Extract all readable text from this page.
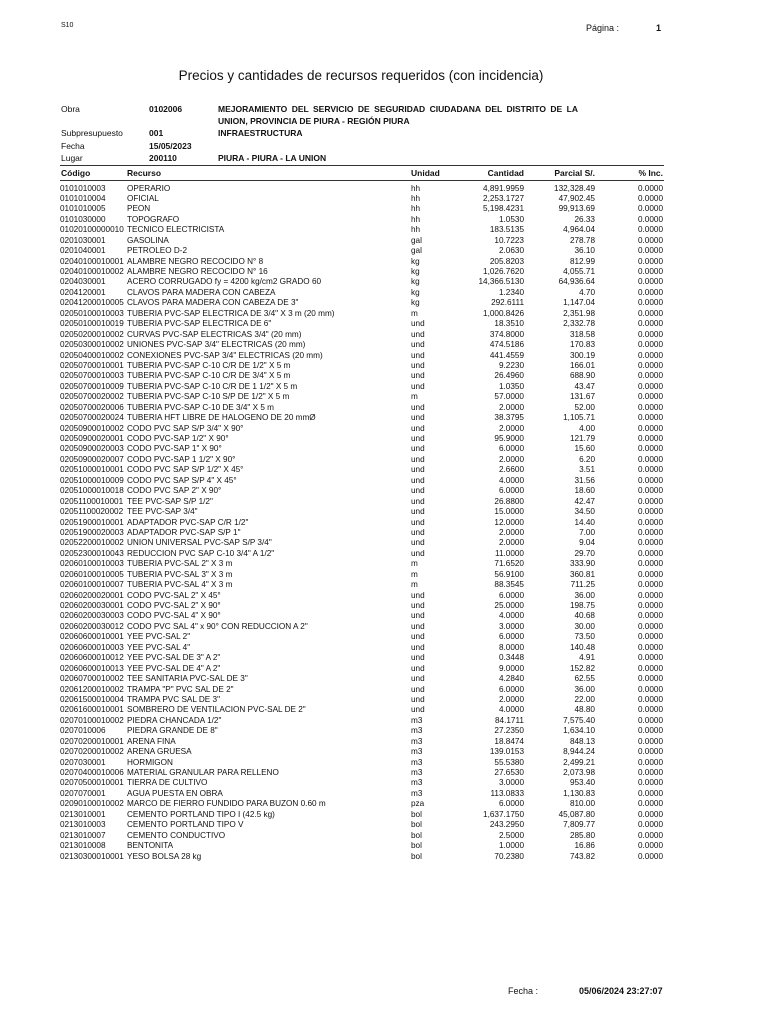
S10	Página :	1
Precios y cantidades de recursos requeridos (con incidencia)
Obra	0102006	MEJORAMIENTO DEL SERVICIO DE SEGURIDAD CIUDADANA DEL DISTRITO DE LA UNION, PROVINCIA DE PIURA - REGIÓN PIURA
Subpresupuesto	001	INFRAESTRUCTURA
Fecha	15/05/2023
Lugar	200110	PIURA - PIURA - LA UNION
Código	Recurso	Unidad	Cantidad	Parcial S/.	% Inc.
0101010003	OPERARIO	hh	4,891.9959	132,328.49	0.0000
0101010004	OFICIAL	hh	2,253.1727	47,902.45	0.0000
0101010005	PEON	hh	5,198.4231	99,913.69	0.0000
0101030000	TOPOGRAFO	hh	1.0530	26.33	0.0000
01020100000010 TECNICO ELECTRICISTA	hh	183.5135	4,964.04	0.0000
0201030001	GASOLINA	gal	10.7223	278.78	0.0000
0201040001	PETROLEO D-2	gal	2.0630	36.10	0.0000
02040100010001 ALAMBRE NEGRO RECOCIDO N° 8	kg	205.8203	812.99	0.0000
02040100010002 ALAMBRE NEGRO RECOCIDO N° 16	kg	1,026.7620	4,055.71	0.0000
0204030001	ACERO CORRUGADO fy = 4200 kg/cm2 GRADO 60	kg	14,366.5130	64,936.64	0.0000
0204120001	CLAVOS PARA MADERA CON CABEZA	kg	1.2340	4.70	0.0000
02041200010005 CLAVOS PARA MADERA CON CABEZA DE 3"	kg	292.6111	1,147.04	0.0000
02050100010003 TUBERIA PVC-SAP ELECTRICA DE 3/4" X 3 m (20 mm)	m	1,000.8426	2,351.98	0.0000
02050100010019 TUBERIA PVC-SAP ELECTRICA DE 6"	und	18.3510	2,332.78	0.0000
02050200010002 CURVAS PVC-SAP ELECTRICAS 3/4" (20 mm)	und	374.8000	318.58	0.0000
02050300010002 UNIONES PVC-SAP 3/4" ELECTRICAS (20 mm)	und	474.5186	170.83	0.0000
02050400010002 CONEXIONES PVC-SAP 3/4" ELECTRICAS (20 mm)	und	441.4559	300.19	0.0000
02050700010001 TUBERIA PVC-SAP C-10 C/R DE 1/2" X 5 m	und	9.2230	166.01	0.0000
02050700010003 TUBERIA PVC-SAP C-10 C/R DE 3/4" X 5 m	und	26.4960	688.90	0.0000
02050700010009 TUBERIA PVC-SAP C-10 C/R DE 1 1/2" X 5 m	und	1.0350	43.47	0.0000
02050700020002 TUBERIA PVC-SAP C-10 S/P DE 1/2" X 5 m	m	57.0000	131.67	0.0000
02050700020006 TUBERIA PVC-SAP C-10 DE 3/4" X 5 m	und	2.0000	52.00	0.0000
02050700020024 TUBERIA HFT LIBRE DE HALOGENO DE 20 mmØ	und	38.3795	1,105.71	0.0000
02050900010002 CODO PVC SAP S/P 3/4" X 90°	und	2.0000	4.00	0.0000
02050900020001 CODO PVC-SAP 1/2" X 90°	und	95.9000	121.79	0.0000
02050900020003 CODO PVC-SAP 1" X 90°	und	6.0000	15.60	0.0000
02050900020007 CODO PVC-SAP 1 1/2" X 90°	und	2.0000	6.20	0.0000
02051000010001 CODO PVC SAP S/P 1/2" X 45°	und	2.6600	3.51	0.0000
02051000010009 CODO PVC SAP S/P 4" X 45°	und	4.0000	31.56	0.0000
02051000010018 CODO PVC SAP 2" X 90°	und	6.0000	18.60	0.0000
02051100010001 TEE PVC-SAP S/P 1/2"	und	26.8800	42.47	0.0000
02051100020002 TEE PVC-SAP 3/4"	und	15.0000	34.50	0.0000
02051900010001 ADAPTADOR PVC-SAP C/R 1/2"	und	12.0000	14.40	0.0000
02051900020003 ADAPTADOR PVC-SAP S/P 1"	und	2.0000	7.00	0.0000
02052200010002 UNION UNIVERSAL PVC-SAP S/P 3/4"	und	2.0000	9.04	0.0000
02052300010043 REDUCCION PVC SAP C-10 3/4" A 1/2"	und	11.0000	29.70	0.0000
02060100010003 TUBERIA PVC-SAL 2" X 3 m	m	71.6520	333.90	0.0000
02060100010005 TUBERIA PVC-SAL 3" X 3 m	m	56.9100	360.81	0.0000
02060100010007 TUBERIA PVC-SAL 4" X 3 m	m	88.3545	711.25	0.0000
02060200020001 CODO PVC-SAL 2" X 45°	und	6.0000	36.00	0.0000
02060200030001 CODO PVC-SAL 2" X 90°	und	25.0000	198.75	0.0000
02060200030003 CODO PVC-SAL 4" X 90°	und	4.0000	40.68	0.0000
02060200030012 CODO PVC SAL 4" x 90° CON REDUCCION A 2"	und	3.0000	30.00	0.0000
02060600010001 YEE PVC-SAL 2"	und	6.0000	73.50	0.0000
02060600010003 YEE PVC-SAL 4"	und	8.0000	140.48	0.0000
02060600010012 YEE PVC-SAL DE 3" A 2"	und	0.3448	4.91	0.0000
02060600010013 YEE PVC-SAL DE 4" A 2"	und	9.0000	152.82	0.0000
02060700010002 TEE SANITARIA PVC-SAL DE 3"	und	4.2840	62.55	0.0000
02061200010002 TRAMPA "P" PVC SAL DE 2"	und	6.0000	36.00	0.0000
02061500010004 TRAMPA PVC SAL DE 3"	und	2.0000	22.00	0.0000
02061600010001 SOMBRERO DE VENTILACION PVC-SAL DE 2"	und	4.0000	48.80	0.0000
02070100010002 PIEDRA CHANCADA 1/2"	m3	84.1711	7,575.40	0.0000
0207010006	PIEDRA GRANDE DE 8"	m3	27.2350	1,634.10	0.0000
02070200010001 ARENA FINA	m3	18.8474	848.13	0.0000
02070200010002 ARENA GRUESA	m3	139.0153	8,944.24	0.0000
0207030001	HORMIGON	m3	55.5380	2,499.21	0.0000
02070400010006 MATERIAL GRANULAR PARA RELLENO	m3	27.6530	2,073.98	0.0000
02070500010001 TIERRA DE CULTIVO	m3	3.0000	953.40	0.0000
0207070001	AGUA PUESTA EN OBRA	m3	113.0833	1,130.83	0.0000
02090100010002 MARCO DE FIERRO FUNDIDO PARA BUZON 0.60 m	pza	6.0000	810.00	0.0000
0213010001	CEMENTO PORTLAND TIPO I (42.5 kg)	bol	1,637.1750	45,087.80	0.0000
0213010003	CEMENTO PORTLAND TIPO V	bol	243.2950	7,809.77	0.0000
0213010007	CEMENTO CONDUCTIVO	bol	2.5000	285.80	0.0000
0213010008	BENTONITA	bol	1.0000	16.86	0.0000
02130300010001 YESO BOLSA 28 kg	bol	70.2380	743.82	0.0000
Fecha :	05/06/2024 23:27:07
